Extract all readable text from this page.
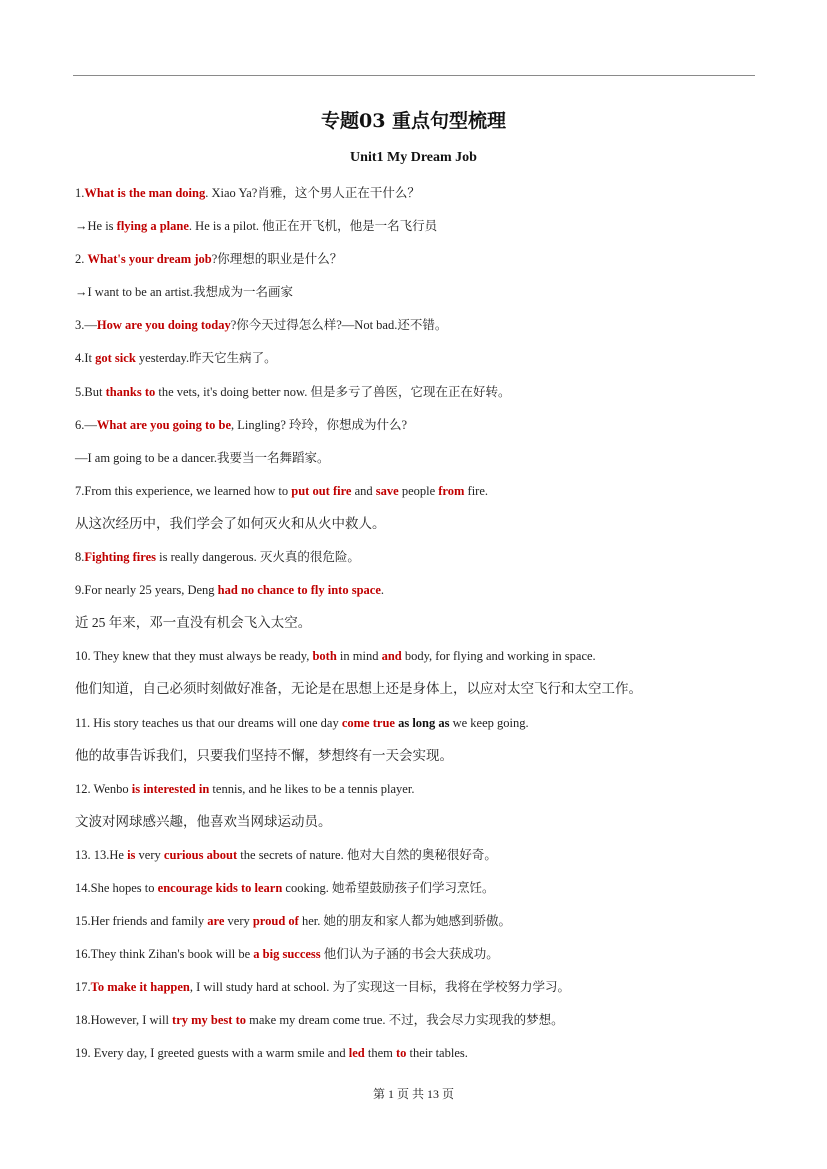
专题03 重点句型梳理
Unit1 My Dream Job
1.What is the man doing. Xiao Ya?肖雅，这个男人正在干什么？
→He is flying a plane. He is a pilot. 他正在开飞机，他是一名飞行员
2. What's your dream job?你理想的职业是什么？
→I want to be an artist.我想成为一名画家
3.—How are you doing today?你今天过得怎么样?—Not bad.还不错。
4.It got sick yesterday.昨天它生病了。
5.But thanks to the vets, it's doing better now. 但是多亏了兽医，它现在正在好转。
6.—What are you going to be, Lingling? 玲玲，你想成为什么?
—I am going to be a dancer.我要当一名舞蹈家。
7.From this experience, we learned how to put out fire and save people from fire.
从这次经历中，我们学会了如何灭火和从火中救人。
8.Fighting fires is really dangerous. 灭火真的很危险。
9.For nearly 25 years, Deng had no chance to fly into space.
近 25 年来，邓一直没有机会飞入太空。
10. They knew that they must always be ready, both in mind and body, for flying and working in space.
他们知道，自己必须时刻做好准备，无论是在思想上还是身体上，以应对太空飞行和太空工作。
11. His story teaches us that our dreams will one day come true as long as we keep going.
他的故事告诉我们，只要我们坚持不懈，梦想终有一天会实现。
12. Wenbo is interested in tennis, and he likes to be a tennis player.
文波对网球感兴趣，他喜欢当网球运动员。
13. 13.He is very curious about the secrets of nature. 他对大自然的奥秘很好奇。
14.She hopes to encourage kids to learn cooking. 她希望鼓励孩子们学习烹饪。
15.Her friends and family are very proud of her. 她的朋友和家人都为她感到骄傲。
16.They think Zihan's book will be a big success 他们认为子涵的书会大获成功。
17.To make it happen, I will study hard at school. 为了实现这一目标，我将在学校努力学习。
18.However, I will try my best to make my dream come true. 不过，我会尽力实现我的梦想。
19. Every day, I greeted guests with a warm smile and led them to their tables.
第 1 页 共 13 页
